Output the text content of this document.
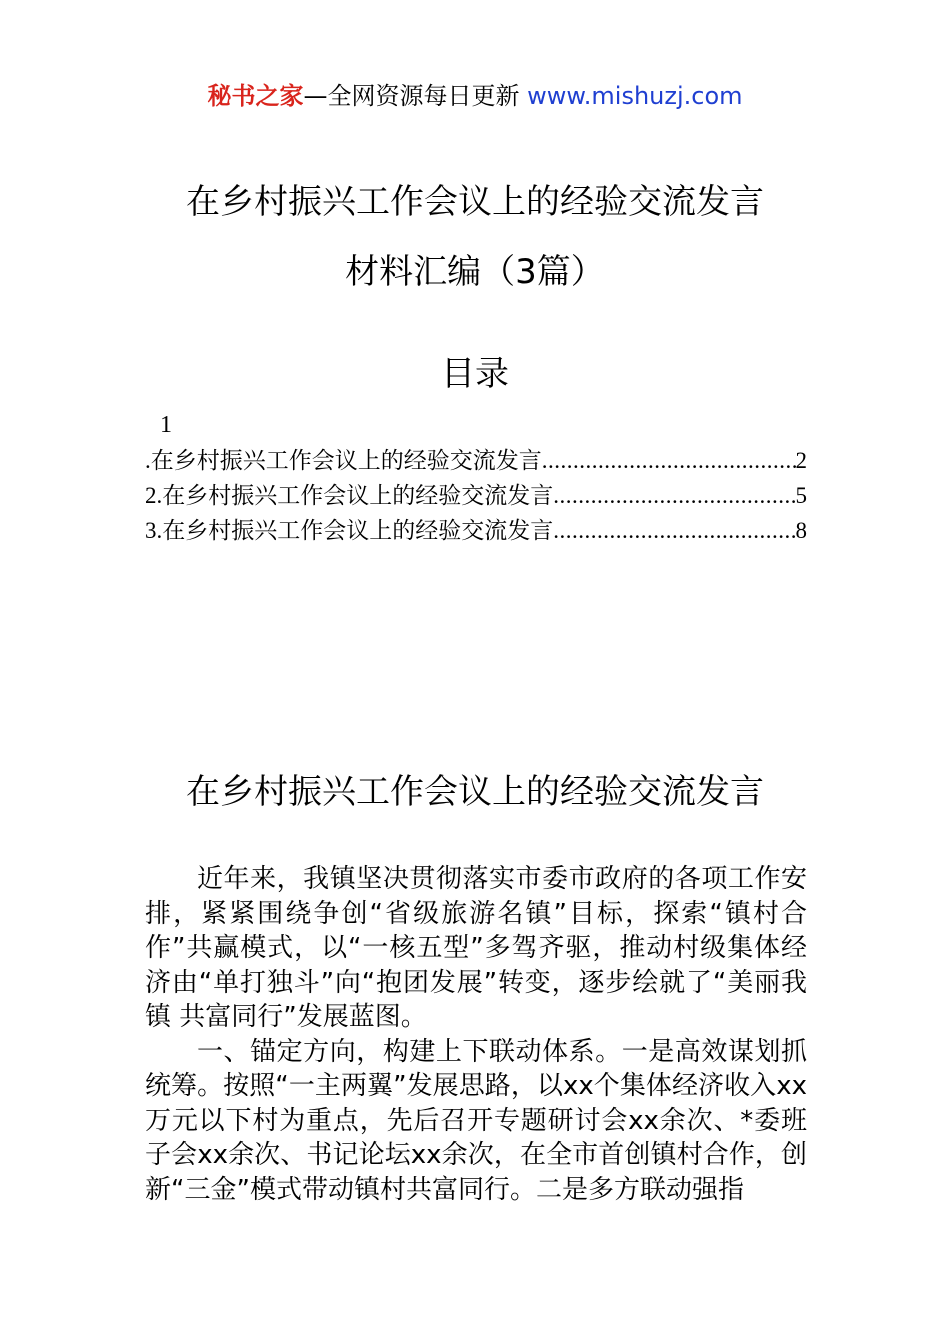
秘书之家—全网资源每日更新 www.mishuzj.com
在乡村振兴工作会议上的经验交流发言
材料汇编（3篇）
目录
1
. 在乡村振兴工作会议上的经验交流发言 .....	2
2. 在乡村振兴工作会议上的经验交流发言 .....	5
3. 在乡村振兴工作会议上的经验交流发言 .....	8
在乡村振兴工作会议上的经验交流发言

近年来，我镇坚决贯彻落实市委市政府的各项工作安排，紧紧围绕争创“省级旅游名镇”目标，探索“镇村合作”共赢模式，以“一核五型”多驾齐驱，推动村级集体经济由“单打独斗”向“抱团发展”转变，逐步绘就了“美丽我镇 共富同行”发展蓝图。

一、锚定方向，构建上下联动体系。一是高效谋划抓统筹。按照“一主两翼”发展思路，以xx个集体经济收入xx万元以下村为重点，先后召开专题研讨会xx余次、*委班子会xx余次、书记论坛xx余次，在全市首创镇村合作，创新“三金”模式带动镇村共富同行。二是多方联动强指
